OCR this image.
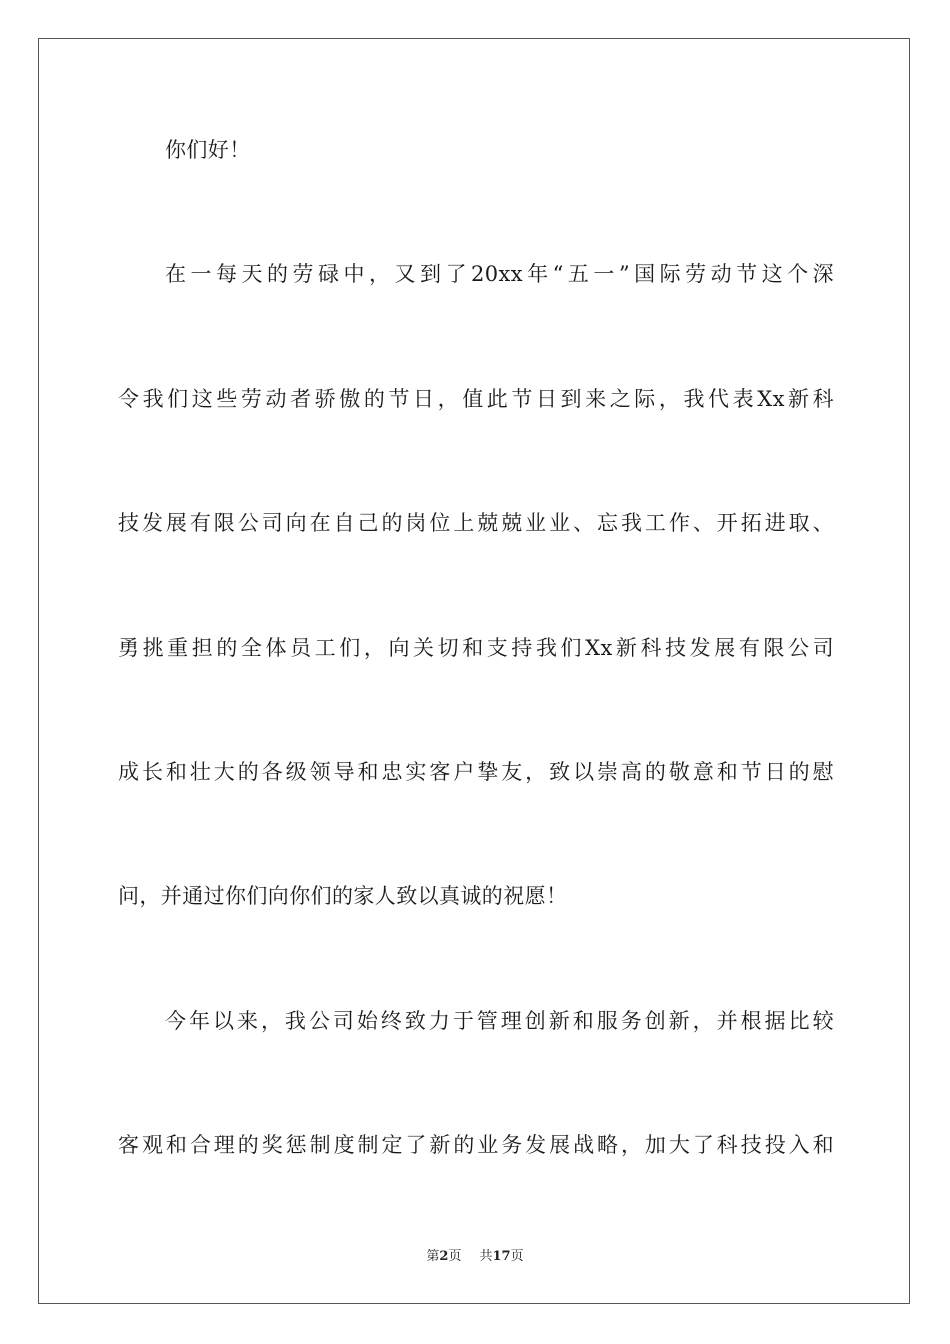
你们好！
在一每天的劳碌中，又到了20xx年“五一”国际劳动节这个深
令我们这些劳动者骄傲的节日，值此节日到来之际，我代表Xx新科
技发展有限公司向在自己的岗位上兢兢业业、忘我工作、开拓进取、
勇挑重担的全体员工们，向关切和支持我们Xx新科技发展有限公司
成长和壮大的各级领导和忠实客户挚友，致以崇高的敬意和节日的慰
问，并通过你们向你们的家人致以真诚的祝愿！
今年以来，我公司始终致力于管理创新和服务创新，并根据比较
客观和合理的奖惩制度制定了新的业务发展战略，加大了科技投入和
第2页 共17页
